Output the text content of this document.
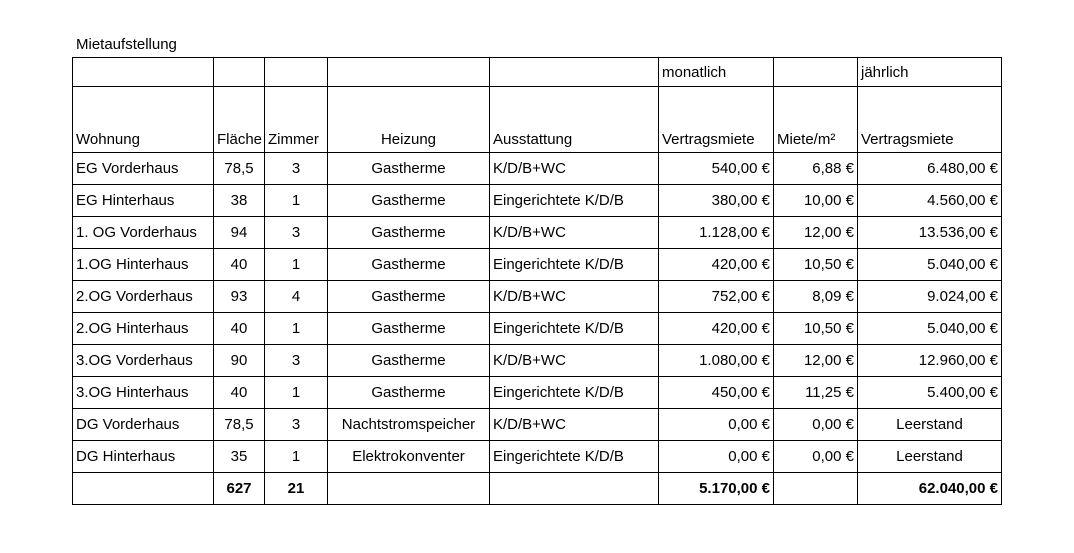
Mietaufstellung
					monatlich		jährlich
Wohnung	Fläche	Zimmer	Heizung	Ausstattung	Vertragsmiete	Miete/m²	Vertragsmiete
EG Vorderhaus	78,5	3	Gastherme	K/D/B+WC	540,00 €	6,88 €	6.480,00 €
EG Hinterhaus	38	1	Gastherme	Eingerichtete K/D/B	380,00 €	10,00 €	4.560,00 €
1. OG Vorderhaus	94	3	Gastherme	K/D/B+WC	1.128,00 €	12,00 €	13.536,00 €
1.OG Hinterhaus	40	1	Gastherme	Eingerichtete K/D/B	420,00 €	10,50 €	5.040,00 €
2.OG Vorderhaus	93	4	Gastherme	K/D/B+WC	752,00 €	8,09 €	9.024,00 €
2.OG Hinterhaus	40	1	Gastherme	Eingerichtete K/D/B	420,00 €	10,50 €	5.040,00 €
3.OG Vorderhaus	90	3	Gastherme	K/D/B+WC	1.080,00 €	12,00 €	12.960,00 €
3.OG Hinterhaus	40	1	Gastherme	Eingerichtete K/D/B	450,00 €	11,25 €	5.400,00 €
DG Vorderhaus	78,5	3	Nachtstromspeicher	K/D/B+WC	0,00 €	0,00 €	Leerstand
DG Hinterhaus	35	1	Elektrokonventer	Eingerichtete K/D/B	0,00 €	0,00 €	Leerstand
	627	21			5.170,00 €		62.040,00 €
